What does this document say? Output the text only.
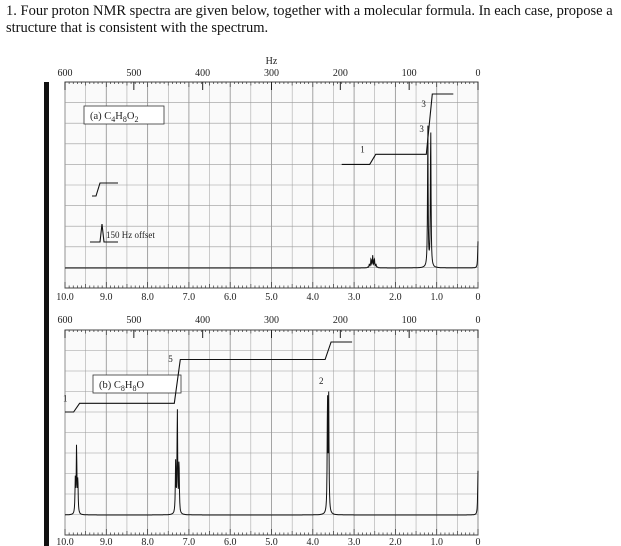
1. Four proton NMR spectra are given below, together with a molecular formula. In each case, propose a structure that is consistent with the spectrum.

600	500	400	300	200	100	0
Hz
10.0	9.0	8.0	7.0	6.0	5.0	4.0	3.0	2.0	1.0	0
(a) $C_4H_8O_2$
1
3
3
150 Hz offset
600	500	400	300	200	100	0
10.0	9.0	8.0	7.0	6.0	5.0	4.0	3.0	2.0	1.0	0
(b) $C_8H_8O$
1
5
2
